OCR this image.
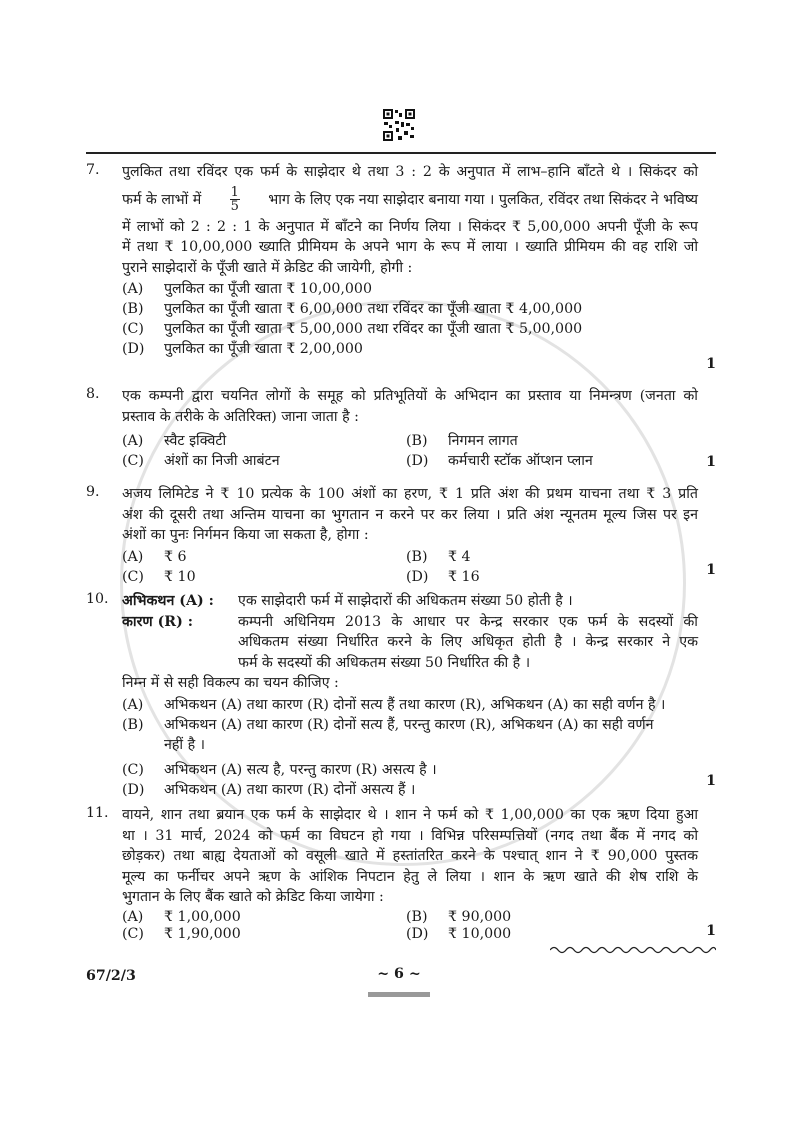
7.	पुलकित तथा रविंदर एक फर्म के साझेदार थे तथा 3 : 2 के अनुपात में लाभ–हानि बाँटते थे । सिकंदर को
फर्म के लाभों में $\frac{1}{5}$ भाग के लिए एक नया साझेदार बनाया गया । पुलकित, रविंदर तथा सिकंदर ने भविष्य
में लाभों को 2 : 2 : 1 के अनुपात में बाँटने का निर्णय लिया । सिकंदर ₹ 5,00,000 अपनी पूँजी के रूप
में तथा ₹ 10,00,000 ख्याति प्रीमियम के अपने भाग के रूप में लाया । ख्याति प्रीमियम की वह राशि जो
पुराने साझेदारों के पूँजी खाते में क्रेडिट की जायेगी, होगी :
(A)	पुलकित का पूँजी खाता ₹ 10,00,000
(B)	पुलकित का पूँजी खाता ₹ 6,00,000 तथा रविंदर का पूँजी खाता ₹ 4,00,000
(C)	पुलकित का पूँजी खाता ₹ 5,00,000 तथा रविंदर का पूँजी खाता ₹ 5,00,000
(D)	पुलकित का पूँजी खाता ₹ 2,00,000
1
8.	एक कम्पनी द्वारा चयनित लोगों के समूह को प्रतिभूतियों के अभिदान का प्रस्ताव या निमन्त्रण (जनता को
प्रस्ताव के तरीके के अतिरिक्त) जाना जाता है :
(A)	स्वैट इक्विटी	(B)	निगमन लागत
(C)	अंशों का निजी आबंटन	(D)	कर्मचारी स्टॉक ऑप्शन प्लान	1
9.	अजय लिमिटेड ने ₹ 10 प्रत्येक के 100 अंशों का हरण, ₹ 1 प्रति अंश की प्रथम याचना तथा ₹ 3 प्रति
अंश की दूसरी तथा अन्तिम याचना का भुगतान न करने पर कर लिया । प्रति अंश न्यूनतम मूल्य जिस पर इन
अंशों का पुनः निर्गमन किया जा सकता है, होगा :
(A)	₹ 6	(B)	₹ 4
(C)	₹ 10	(D)	₹ 16	1
10. अभिकथन (A) :	एक साझेदारी फर्म में साझेदारों की अधिकतम संख्या 50 होती है ।
कारण (R) :	कम्पनी अधिनियम 2013 के आधार पर केन्द्र सरकार एक फर्म के सदस्यों की
अधिकतम संख्या निर्धारित करने के लिए अधिकृत होती है । केन्द्र सरकार ने एक
फर्म के सदस्यों की अधिकतम संख्या 50 निर्धारित की है ।
निम्न में से सही विकल्प का चयन कीजिए :
(A)	अभिकथन (A) तथा कारण (R) दोनों सत्य हैं तथा कारण (R), अभिकथन (A) का सही वर्णन है ।
(B)	अभिकथन (A) तथा कारण (R) दोनों सत्य हैं, परन्तु कारण (R), अभिकथन (A) का सही वर्णन
नहीं है ।
(C)	अभिकथन (A) सत्य है, परन्तु कारण (R) असत्य है ।
(D)	अभिकथन (A) तथा कारण (R) दोनों असत्य हैं ।
1
11. वायने, शान तथा ब्रयान एक फर्म के साझेदार थे । शान ने फर्म को ₹ 1,00,000 का एक ऋण दिया हुआ
था । 31 मार्च, 2024 को फर्म का विघटन हो गया । विभिन्न परिसम्पत्तियों (नगद तथा बैंक में नगद को
छोड़कर) तथा बाह्य देयताओं को वसूली खाते में हस्तांतरित करने के पश्चात् शान ने ₹ 90,000 पुस्तक
मूल्य का फर्नीचर अपने ऋण के आंशिक निपटान हेतु ले लिया । शान के ऋण खाते की शेष राशि के
भुगतान के लिए बैंक खाते को क्रेडिट किया जायेगा :
(A)	₹ 1,00,000	(B)	₹ 90,000
(C)	₹ 1,90,000	(D)	₹ 10,000	1
67/2/3	~ 6 ~
